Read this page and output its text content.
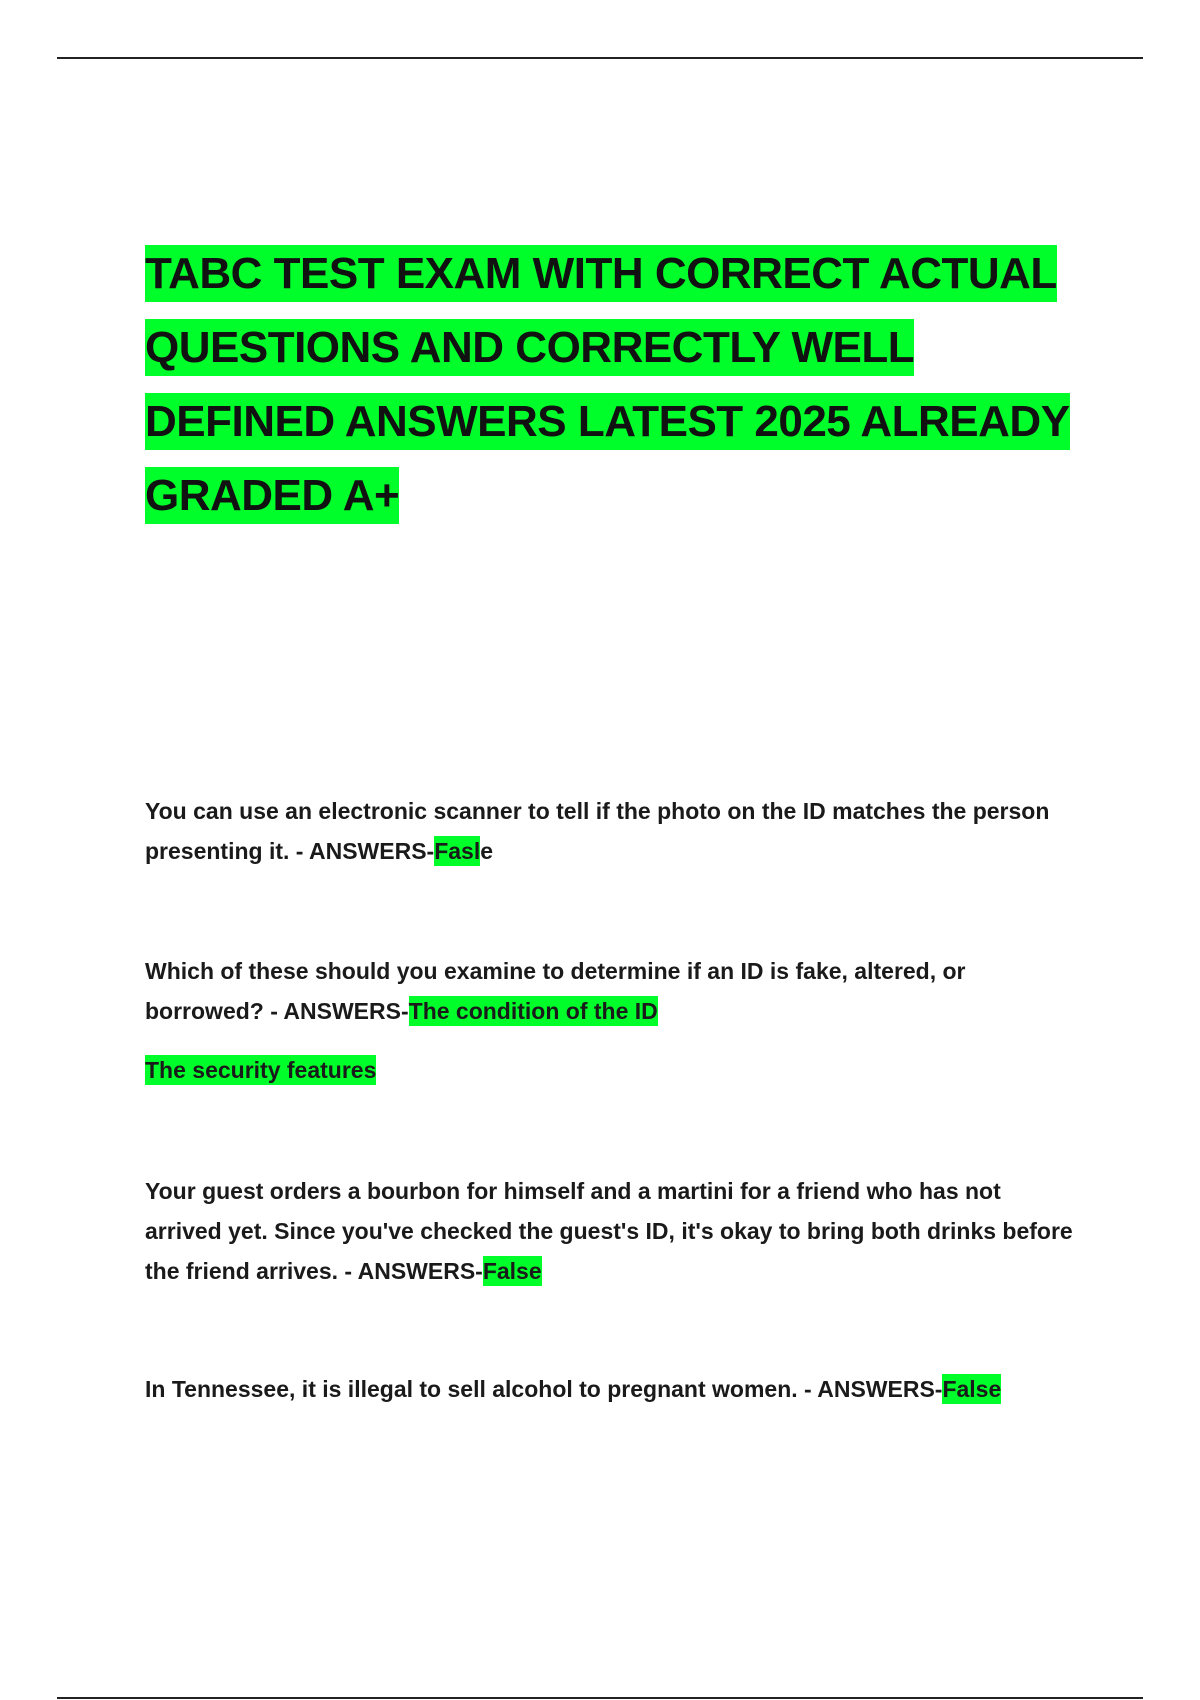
TABC TEST EXAM WITH CORRECT ACTUAL
QUESTIONS AND CORRECTLY WELL
DEFINED ANSWERS LATEST 2025 ALREADY
GRADED A+

You can use an electronic scanner to tell if the photo on the ID matches the person presenting it. - ANSWERS-Fasle

Which of these should you examine to determine if an ID is fake, altered, or borrowed? - ANSWERS-The condition of the ID

The security features

Your guest orders a bourbon for himself and a martini for a friend who has not arrived yet. Since you've checked the guest's ID, it's okay to bring both drinks before the friend arrives. - ANSWERS-False

In Tennessee, it is illegal to sell alcohol to pregnant women. - ANSWERS-False
